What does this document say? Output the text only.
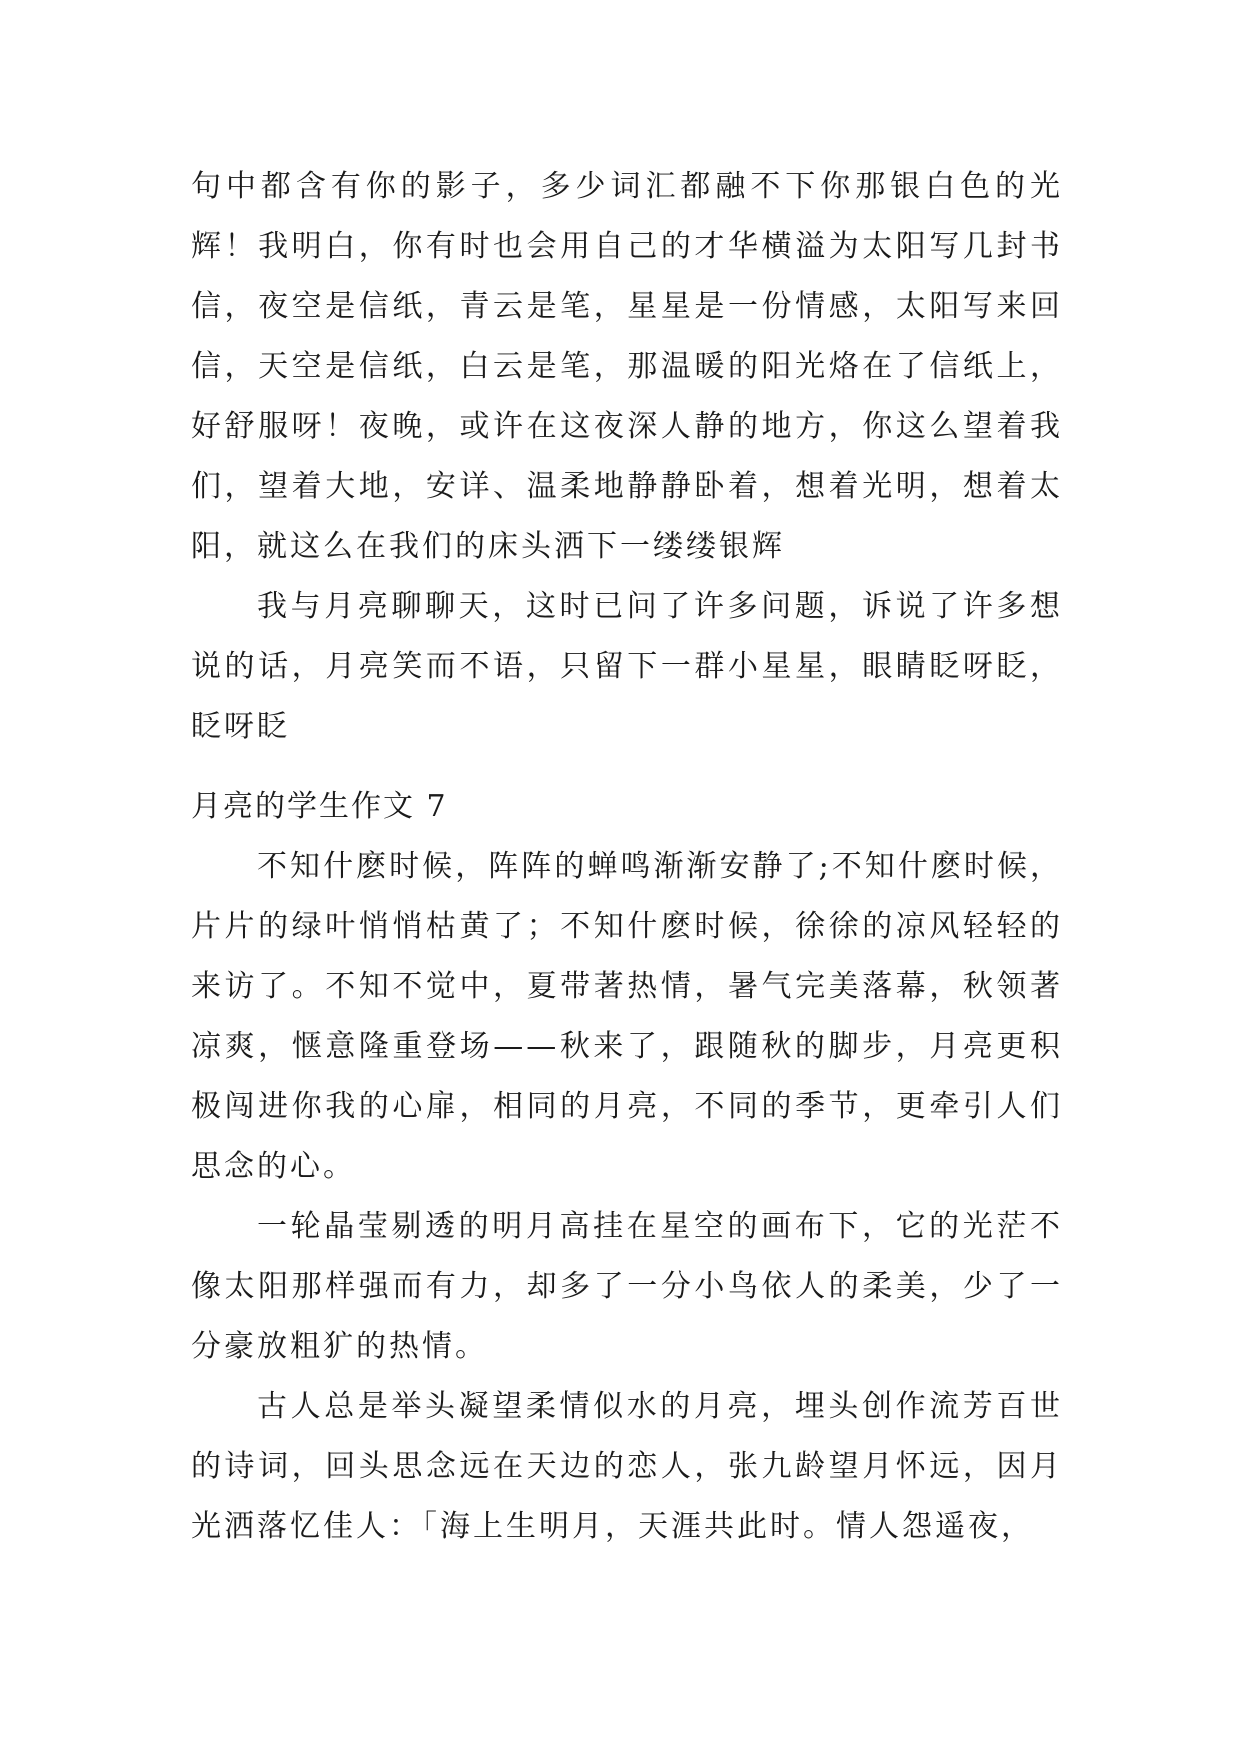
句中都含有你的影子，多少词汇都融不下你那银白色的光辉！我明白，你有时也会用自己的才华横溢为太阳写几封书信，夜空是信纸，青云是笔，星星是一份情感，太阳写来回信，天空是信纸，白云是笔，那温暖的阳光烙在了信纸上，好舒服呀！夜晚，或许在这夜深人静的地方，你这么望着我们，望着大地，安详、温柔地静静卧着，想着光明，想着太阳，就这么在我们的床头洒下一缕缕银辉

我与月亮聊聊天，这时已问了许多问题，诉说了许多想说的话，月亮笑而不语，只留下一群小星星，眼睛眨呀眨，眨呀眨

月亮的学生作文 7

不知什麽时候，阵阵的蝉鸣渐渐安静了;不知什麽时候，片片的绿叶悄悄枯黄了；不知什麽时候，徐徐的凉风轻轻的来访了。不知不觉中，夏带著热情，暑气完美落幕，秋领著凉爽，惬意隆重登场——秋来了，跟随秋的脚步，月亮更积极闯进你我的心扉，相同的月亮，不同的季节，更牵引人们思念的心。

一轮晶莹剔透的明月高挂在星空的画布下，它的光茫不像太阳那样强而有力，却多了一分小鸟依人的柔美，少了一分豪放粗犷的热情。

古人总是举头凝望柔情似水的月亮，埋头创作流芳百世的诗词，回头思念远在天边的恋人，张九龄望月怀远，因月光洒落忆佳人：「海上生明月，天涯共此时。情人怨遥夜，
